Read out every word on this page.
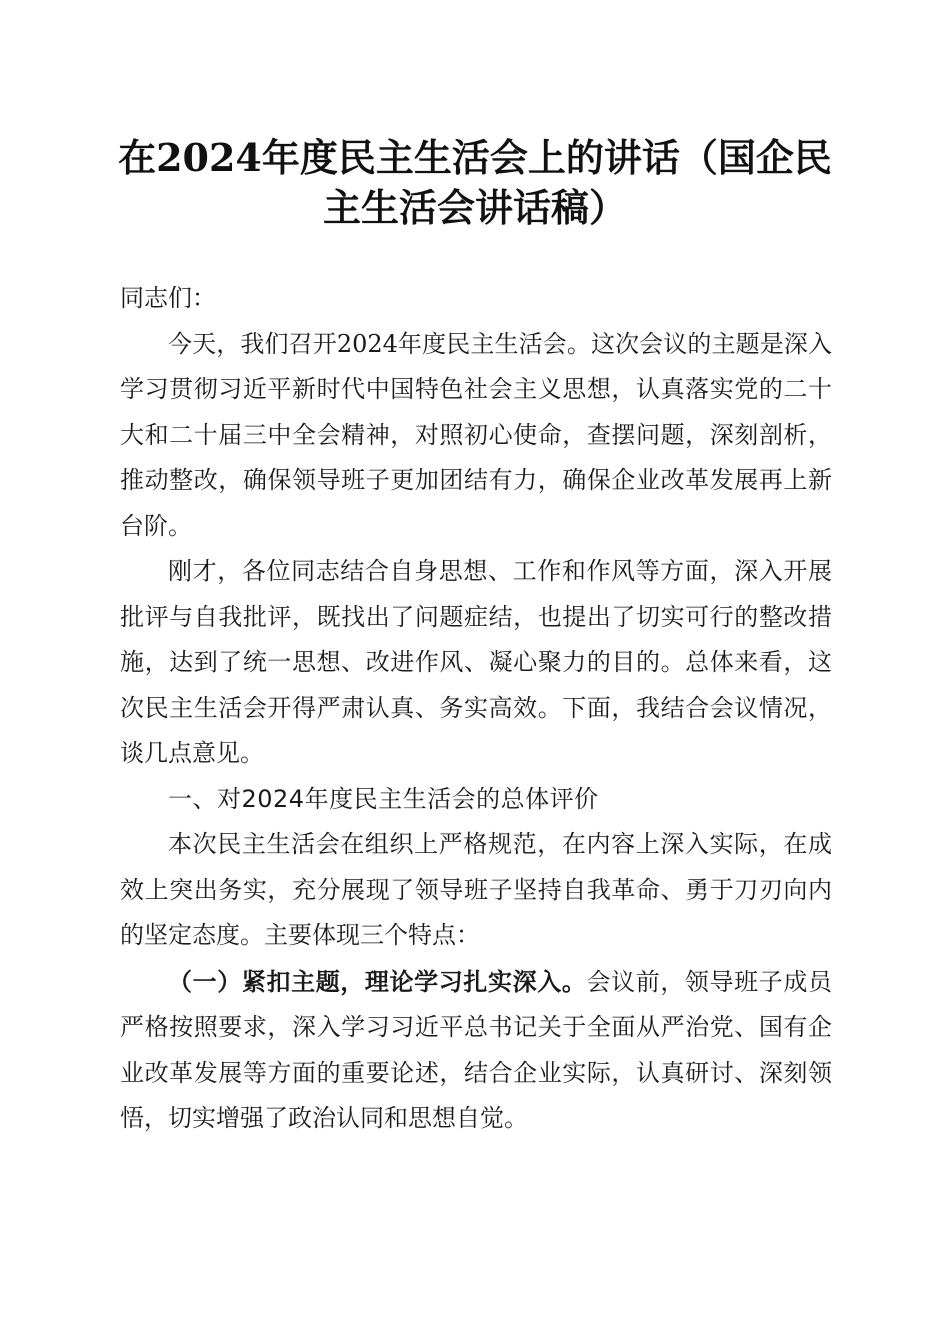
在2024年度民主生活会上的讲话（国企民主生活会讲话稿）

同志们：

今天，我们召开2024年度民主生活会。这次会议的主题是深入学习贯彻习近平新时代中国特色社会主义思想，认真落实党的二十大和二十届三中全会精神，对照初心使命，查摆问题，深刻剖析，推动整改，确保领导班子更加团结有力，确保企业改革发展再上新台阶。

刚才，各位同志结合自身思想、工作和作风等方面，深入开展批评与自我批评，既找出了问题症结，也提出了切实可行的整改措施，达到了统一思想、改进作风、凝心聚力的目的。总体来看，这次民主生活会开得严肃认真、务实高效。下面，我结合会议情况，谈几点意见。

一、对2024年度民主生活会的总体评价

本次民主生活会在组织上严格规范，在内容上深入实际，在成效上突出务实，充分展现了领导班子坚持自我革命、勇于刀刃向内的坚定态度。主要体现三个特点：

（一）紧扣主题，理论学习扎实深入。会议前，领导班子成员严格按照要求，深入学习习近平总书记关于全面从严治党、国有企业改革发展等方面的重要论述，结合企业实际，认真研讨、深刻领悟，切实增强了政治认同和思想自觉。
